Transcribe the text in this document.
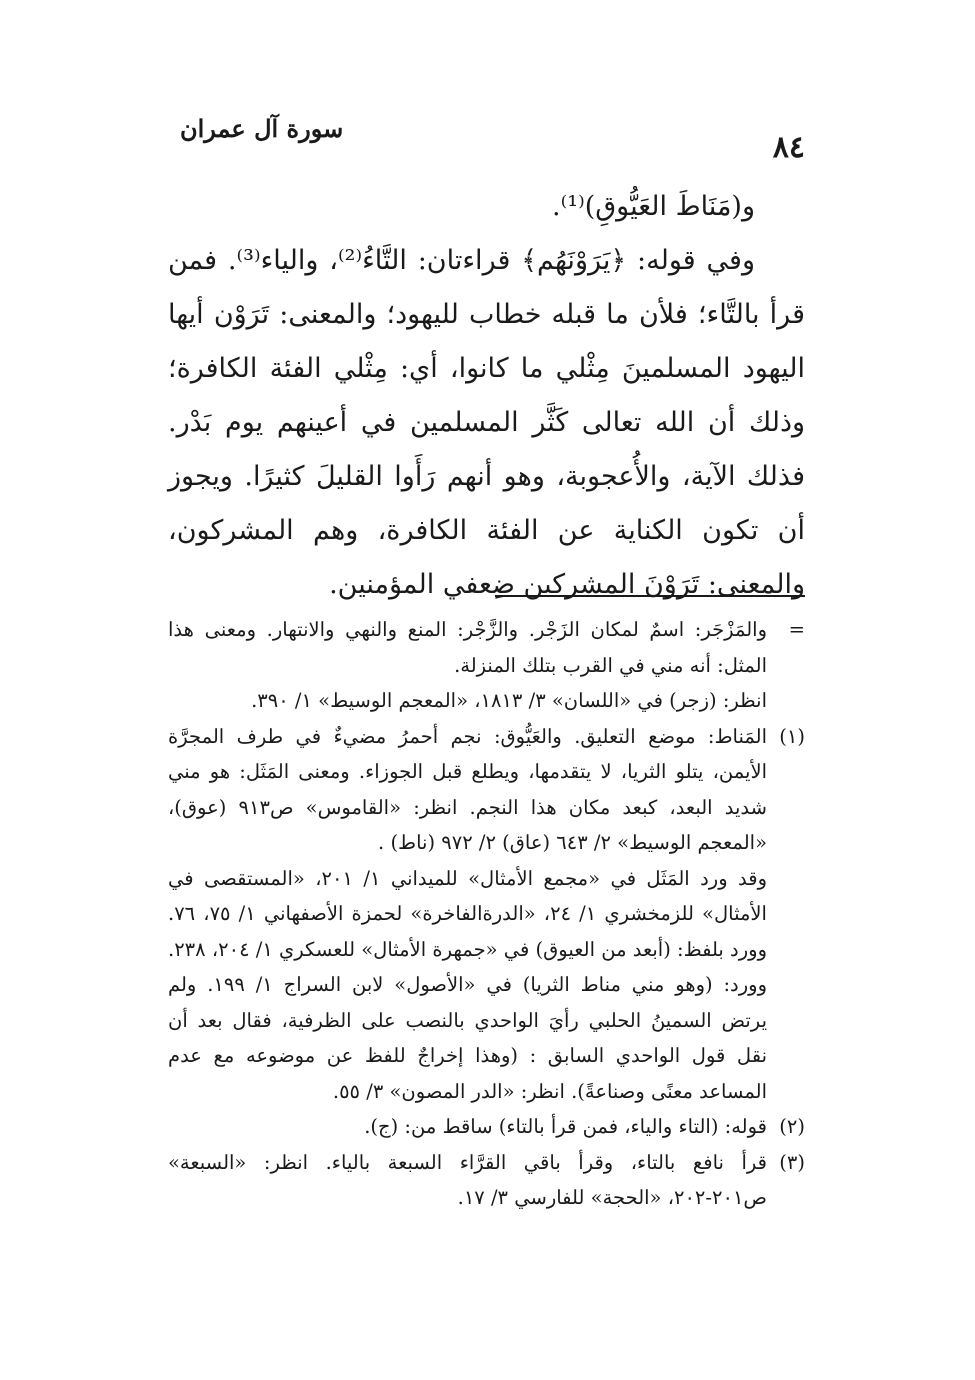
٨٤
سورة آل عمران

و(مَنَاطَ العَيُّوقِ)⁽¹⁾.

وفي قوله: ﴿يَرَوْنَهُم﴾ قراءتان: التَّاءُ⁽²⁾، والياء⁽³⁾. فمن قرأ بالتَّاء؛ فلأن ما قبله خطاب لليهود؛ والمعنى: تَرَوْن أيها اليهود المسلمينَ مِثْلي ما كانوا، أي: مِثْلي الفئة الكافرة؛ وذلك أن الله تعالى كَثَّر المسلمين في أعينهم يوم بَدْر. فذلك الآية، والأُعجوبة، وهو أنهم رَأَوا القليلَ كثيرًا. ويجوز أن تكون الكناية عن الفئة الكافرة، وهم المشركون، والمعنى: تَرَوْنَ المشركين ضِعفي المؤمنين.

=

والمَزْجَر: اسمٌ لمكان الزَجْر. والزَّجْر: المنع والنهي والانتهار. ومعنى هذا المثل: أنه مني في القرب بتلك المنزلة.

انظر: (زجر) في «اللسان» ٣/ ١٨١٣، «المعجم الوسيط» ١/ ٣٩٠.

(١)

المَناط: موضع التعليق. والعَيُّوق: نجم أحمرُ مضيءٌ في طرف المجرَّة الأيمن، يتلو الثريا، لا يتقدمها، ويطلع قبل الجوزاء. ومعنى المَثَل: هو مني شديد البعد، كبعد مكان هذا النجم. انظر: «القاموس» ص٩١٣ (عوق)، «المعجم الوسيط» ٢/ ٦٤٣ (عاق) ٢/ ٩٧٢ (ناط) .

وقد ورد المَثَل في «مجمع الأمثال» للميداني ١/ ٢٠١، «المستقصى في الأمثال» للزمخشري ١/ ٢٤، «الدرةالفاخرة» لحمزة الأصفهاني ١/ ٧٥، ٧٦. وورد بلفظ: (أبعد من العيوق) في «جمهرة الأمثال» للعسكري ١/ ٢٠٤، ٢٣٨. وورد: (وهو مني مناط الثريا) في «الأصول» لابن السراج ١/ ١٩٩. ولم يرتض السمينُ الحلبي رأيَ الواحدي بالنصب على الظرفية، فقال بعد أن نقل قول الواحدي السابق : (وهذا إخراجٌ للفظ عن موضوعه مع عدم المساعد معنًى وصناعةً). انظر: «الدر المصون» ٣/ ٥٥.

(٢)

قوله: (التاء والياء، فمن قرأ بالتاء) ساقط من: (ج).

(٣)

قرأ نافع بالتاء، وقرأ باقي القرَّاء السبعة بالياء. انظر: «السبعة» ص٢٠١-٢٠٢، «الحجة» للفارسي ٣/ ١٧.
